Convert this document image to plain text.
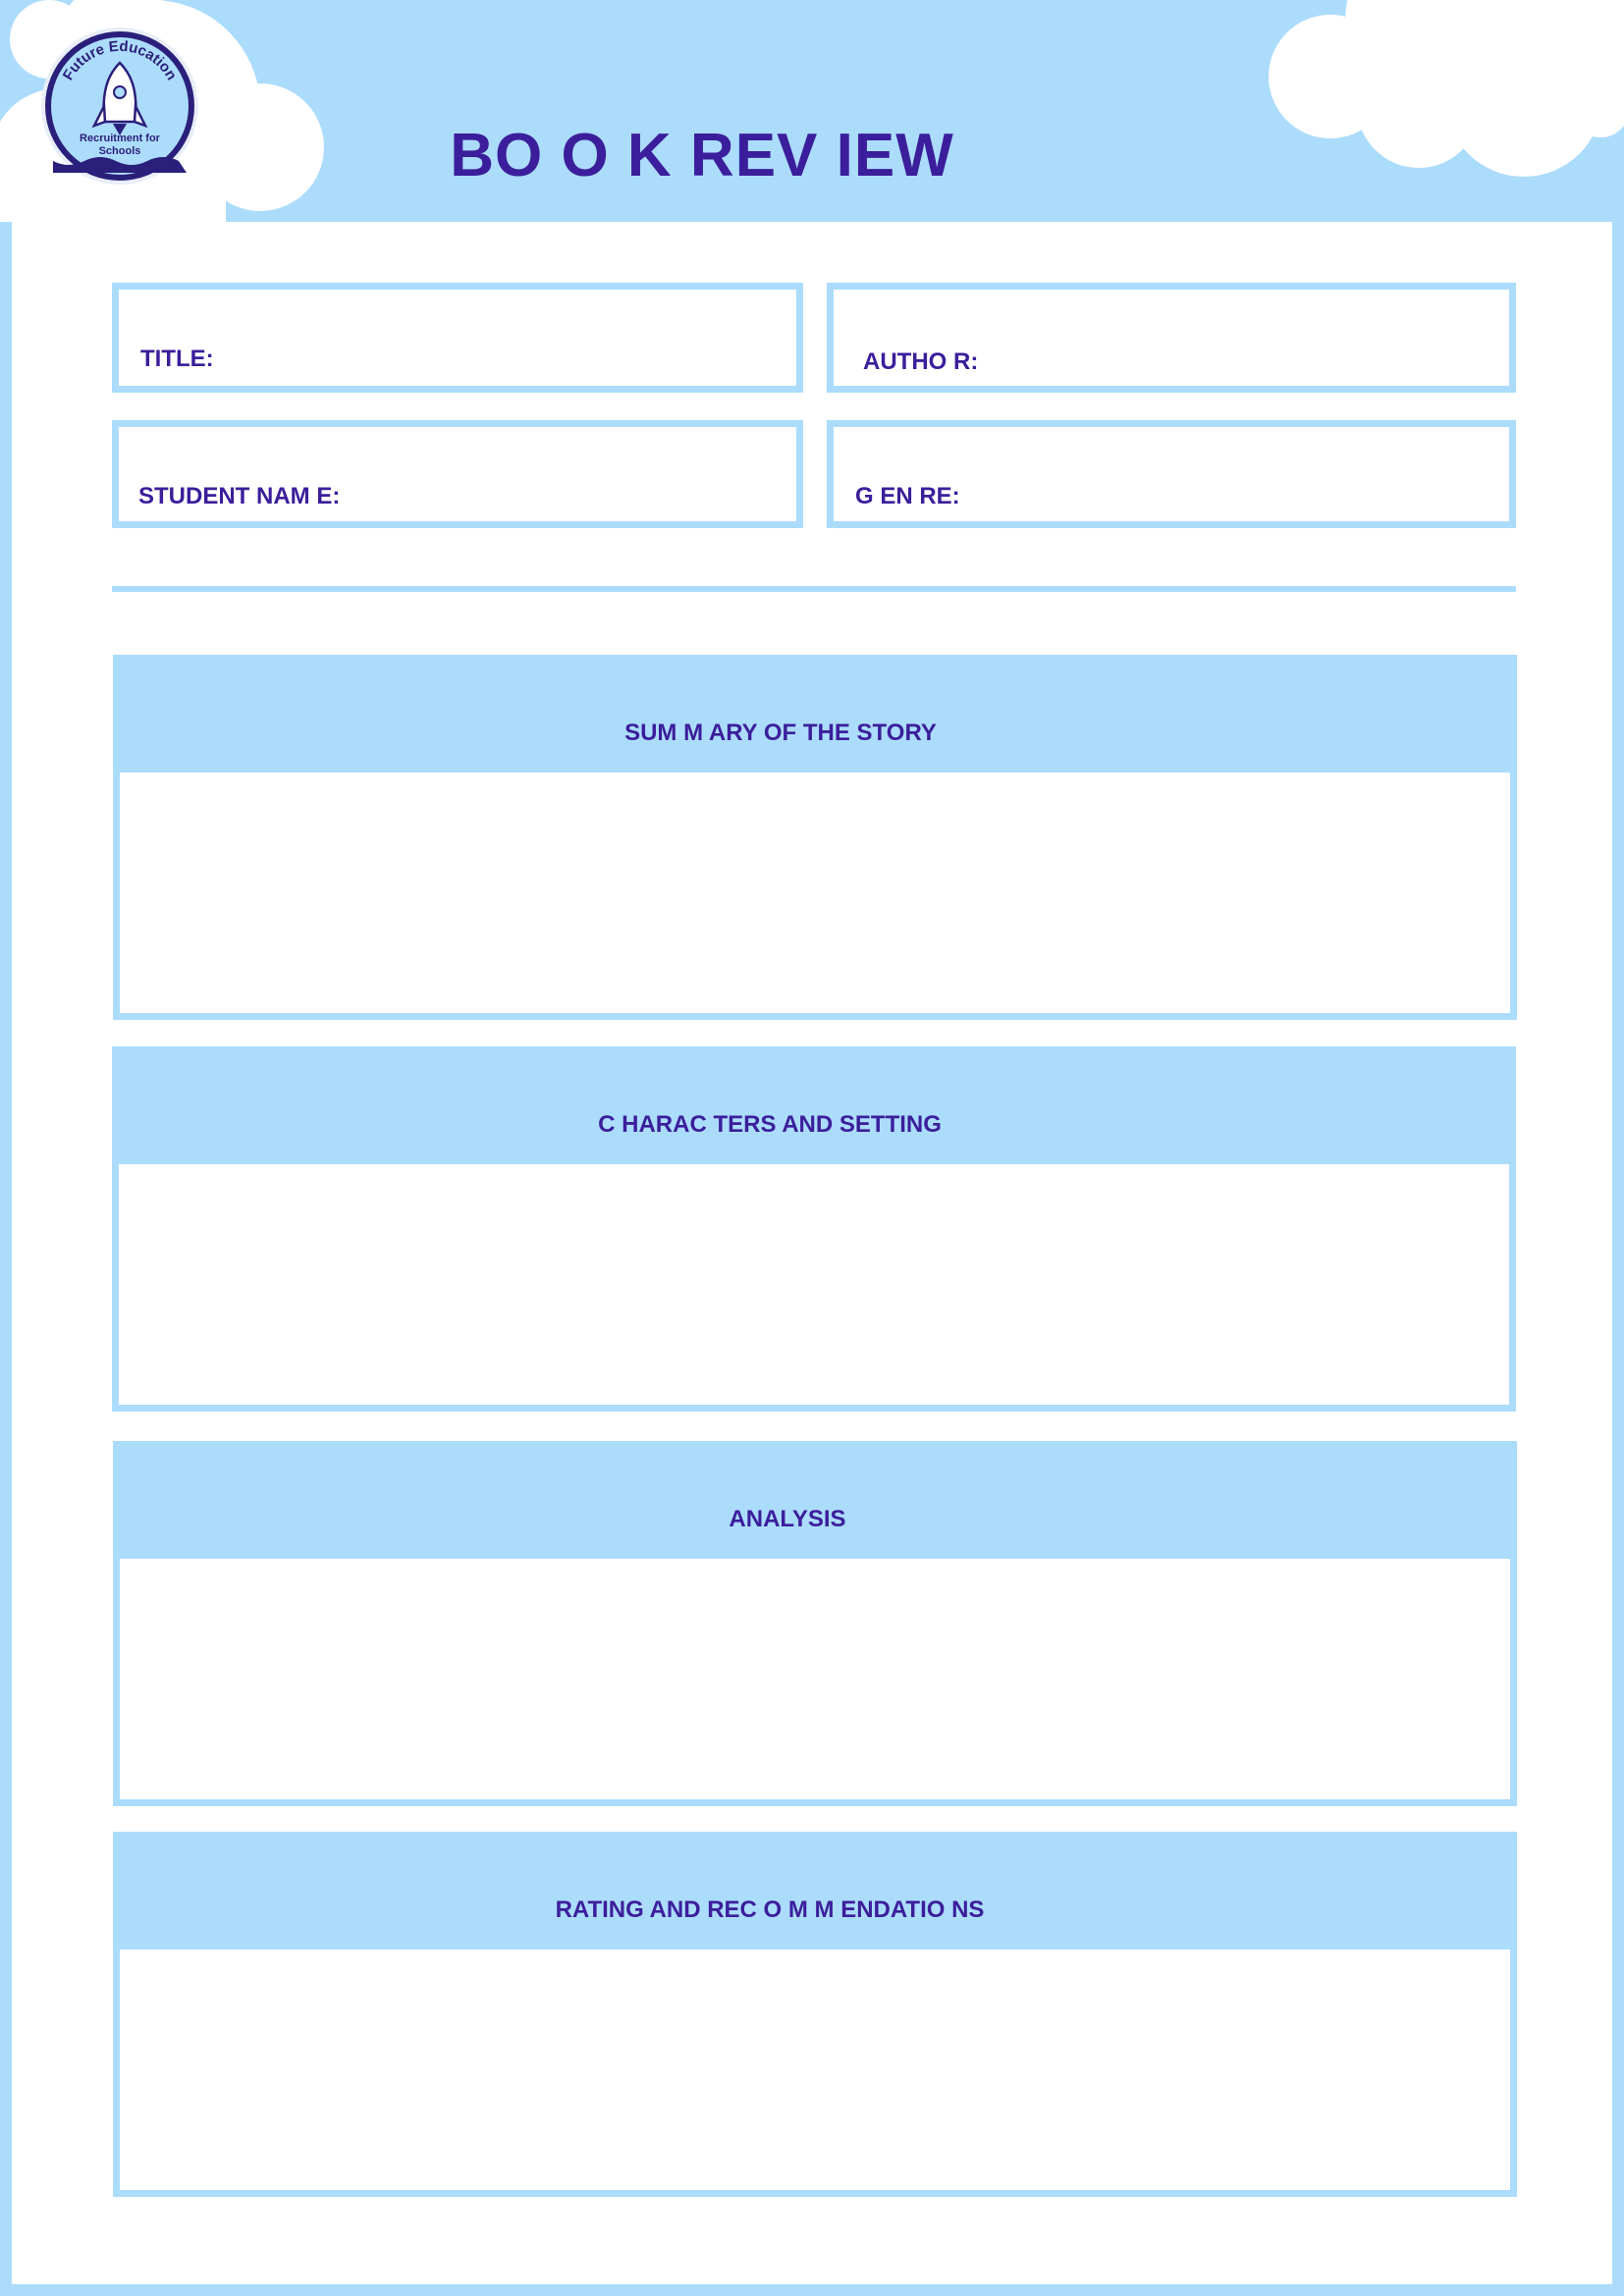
Future Education
Recruitment for
Schools	BO O K REV IEW
TITLE:	AUTHO R:
STUDENT NAM E:	G EN RE:
SUM M ARY OF THE STORY
C HARAC TERS AND SETTING
ANALYSIS
RATING AND REC O M M ENDATIO NS
